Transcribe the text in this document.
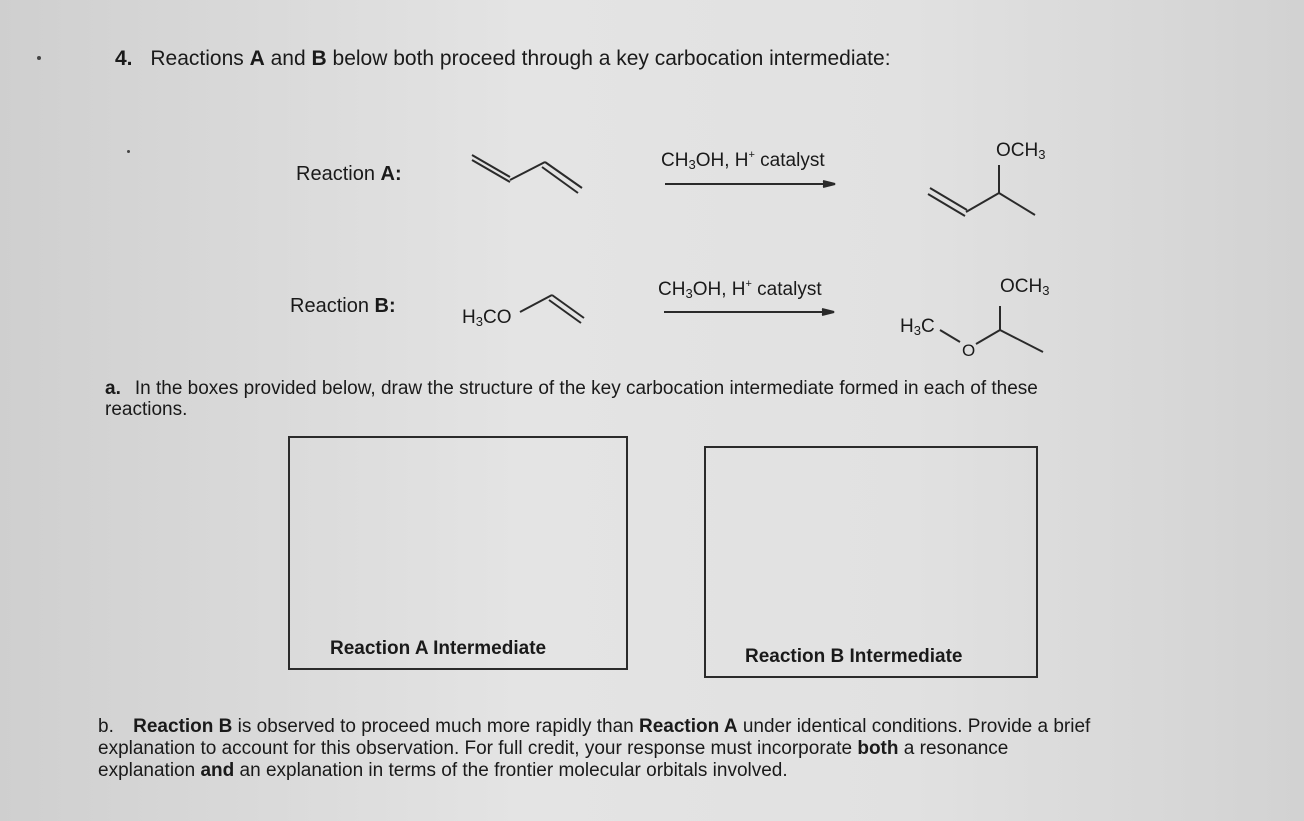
4. Reactions A and B below both proceed through a key carbocation intermediate:
Reaction A:
$CH_3OH$, H+ catalyst	$OCH_3$
Reaction B:
$H_3CO$
$CH_3OH$, H+ catalyst	$OCH_3$
$H_3C$
O
a. In the boxes provided below, draw the structure of the key carbocation intermediate formed in each of these
reactions.
Reaction A Intermediate	Reaction B Intermediate
b. Reaction B is observed to proceed much more rapidly than Reaction A under identical conditions. Provide a brief
explanation to account for this observation. For full credit, your response must incorporate both a resonance
explanation and an explanation in terms of the frontier molecular orbitals involved.
